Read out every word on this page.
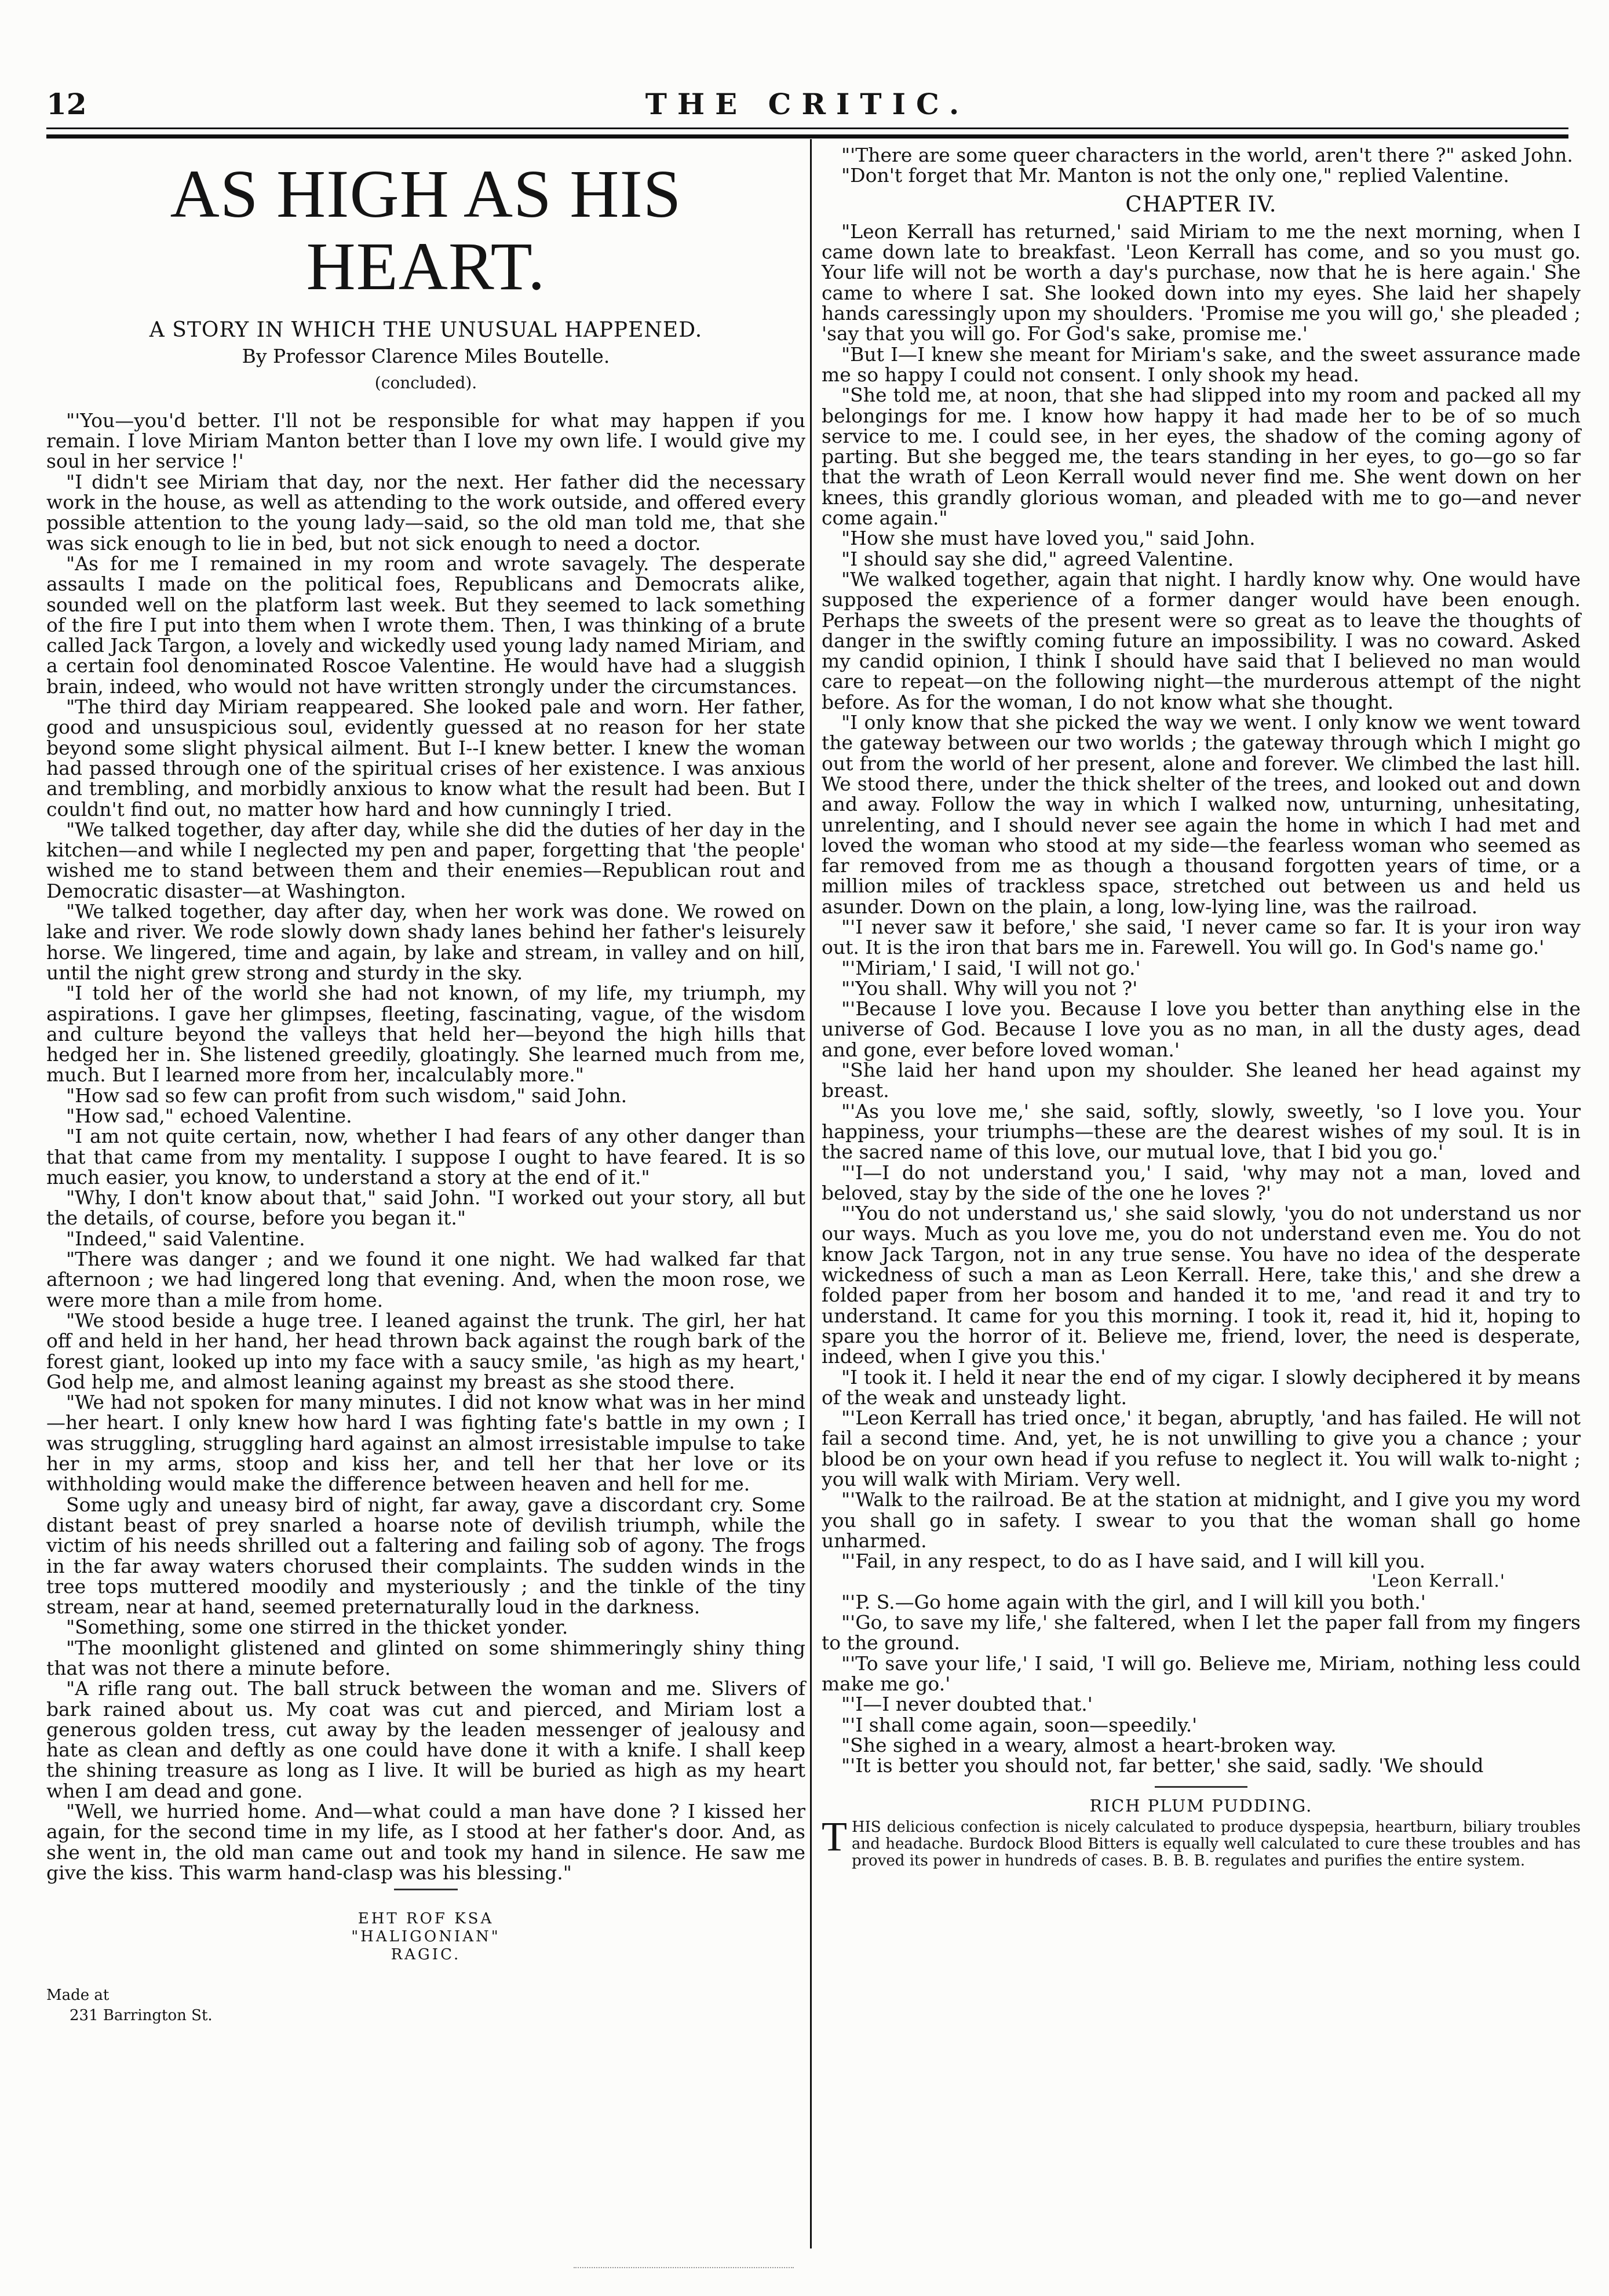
12	THE CRITIC.
AS HIGH AS HIS HEART.
A STORY IN WHICH THE UNUSUAL HAPPENED.
By Professor Clarence Miles Boutelle.
(concluded).

"'You—you'd better. I'll not be responsible for what may happen if you remain. I love Miriam Manton better than I love my own life. I would give my soul in her service !'

"I didn't see Miriam that day, nor the next. Her father did the necessary work in the house, as well as attending to the work outside, and offered every possible attention to the young lady—said, so the old man told me, that she was sick enough to lie in bed, but not sick enough to need a doctor.

"As for me I remained in my room and wrote savagely. The desperate assaults I made on the political foes, Republicans and Democrats alike, sounded well on the platform last week. But they seemed to lack something of the fire I put into them when I wrote them. Then, I was thinking of a brute called Jack Targon, a lovely and wickedly used young lady named Miriam, and a certain fool denominated Roscoe Valentine. He would have had a sluggish brain, indeed, who would not have written strongly under the circumstances.

"The third day Miriam reappeared. She looked pale and worn. Her father, good and unsuspicious soul, evidently guessed at no reason for her state beyond some slight physical ailment. But I--I knew better. I knew the woman had passed through one of the spiritual crises of her existence. I was anxious and trembling, and morbidly anxious to know what the result had been. But I couldn't find out, no matter how hard and how cunningly I tried.

"We talked together, day after day, while she did the duties of her day in the kitchen—and while I neglected my pen and paper, forgetting that 'the people' wished me to stand between them and their enemies—Republican rout and Democratic disaster—at Washington.

"We talked together, day after day, when her work was done. We rowed on lake and river. We rode slowly down shady lanes behind her father's leisurely horse. We lingered, time and again, by lake and stream, in valley and on hill, until the night grew strong and sturdy in the sky.

"I told her of the world she had not known, of my life, my triumph, my aspirations. I gave her glimpses, fleeting, fascinating, vague, of the wisdom and culture beyond the valleys that held her—beyond the high hills that hedged her in. She listened greedily, gloatingly. She learned much from me, much. But I learned more from her, incalculably more."

"How sad so few can profit from such wisdom," said John.

"How sad," echoed Valentine.

"I am not quite certain, now, whether I had fears of any other danger than that that came from my mentality. I suppose I ought to have feared. It is so much easier, you know, to understand a story at the end of it."

"Why, I don't know about that," said John. "I worked out your story, all but the details, of course, before you began it."

"Indeed," said Valentine.

"There was danger ; and we found it one night. We had walked far that afternoon ; we had lingered long that evening. And, when the moon rose, we were more than a mile from home.

"We stood beside a huge tree. I leaned against the trunk. The girl, her hat off and held in her hand, her head thrown back against the rough bark of the forest giant, looked up into my face with a saucy smile, 'as high as my heart,' God help me, and almost leaning against my breast as she stood there.

"We had not spoken for many minutes. I did not know what was in her mind—her heart. I only knew how hard I was fighting fate's battle in my own ; I was struggling, struggling hard against an almost irresistable impulse to take her in my arms, stoop and kiss her, and tell her that her love or its withholding would make the difference between heaven and hell for me.

Some ugly and uneasy bird of night, far away, gave a discordant cry. Some distant beast of prey snarled a hoarse note of devilish triumph, while the victim of his needs shrilled out a faltering and failing sob of agony. The frogs in the far away waters chorused their complaints. The sudden winds in the tree tops muttered moodily and mysteriously ; and the tinkle of the tiny stream, near at hand, seemed preternaturally loud in the darkness.

"Something, some one stirred in the thicket yonder.

"The moonlight glistened and glinted on some shimmeringly shiny thing that was not there a minute before.

"A rifle rang out. The ball struck between the woman and me. Slivers of bark rained about us. My coat was cut and pierced, and Miriam lost a generous golden tress, cut away by the leaden messenger of jealousy and hate as clean and deftly as one could have done it with a knife. I shall keep the shining treasure as long as I live. It will be buried as high as my heart when I am dead and gone.

"Well, we hurried home. And—what could a man have done ? I kissed her again, for the second time in my life, as I stood at her father's door. And, as she went in, the old man came out and took my hand in silence. He saw me give the kiss. This warm hand-clasp was his blessing."

EHT ROF KSA
"HALIGONIAN"
RAGIC.
Made at
231 Barrington St.

"'There are some queer characters in the world, aren't there ?" asked John.

"Don't forget that Mr. Manton is not the only one," replied Valentine.

CHAPTER IV.

"Leon Kerrall has returned,' said Miriam to me the next morning, when I came down late to breakfast. 'Leon Kerrall has come, and so you must go. Your life will not be worth a day's purchase, now that he is here again.' She came to where I sat. She looked down into my eyes. She laid her shapely hands caressingly upon my shoulders. 'Promise me you will go,' she pleaded ; 'say that you will go. For God's sake, promise me.'

"But I—I knew she meant for Miriam's sake, and the sweet assurance made me so happy I could not consent. I only shook my head.

"She told me, at noon, that she had slipped into my room and packed all my belongings for me. I know how happy it had made her to be of so much service to me. I could see, in her eyes, the shadow of the coming agony of parting. But she begged me, the tears standing in her eyes, to go—go so far that the wrath of Leon Kerrall would never find me. She went down on her knees, this grandly glorious woman, and pleaded with me to go—and never come again."

"How she must have loved you," said John.

"I should say she did," agreed Valentine.

"We walked together, again that night. I hardly know why. One would have supposed the experience of a former danger would have been enough. Perhaps the sweets of the present were so great as to leave the thoughts of danger in the swiftly coming future an impossibility. I was no coward. Asked my candid opinion, I think I should have said that I believed no man would care to repeat—on the following night—the murderous attempt of the night before. As for the woman, I do not know what she thought.

"I only know that she picked the way we went. I only know we went toward the gateway between our two worlds ; the gateway through which I might go out from the world of her present, alone and forever. We climbed the last hill. We stood there, under the thick shelter of the trees, and looked out and down and away. Follow the way in which I walked now, unturning, unhesitating, unrelenting, and I should never see again the home in which I had met and loved the woman who stood at my side—the fearless woman who seemed as far removed from me as though a thousand forgotten years of time, or a million miles of trackless space, stretched out between us and held us asunder. Down on the plain, a long, low-lying line, was the railroad.

"'I never saw it before,' she said, 'I never came so far. It is your iron way out. It is the iron that bars me in. Farewell. You will go. In God's name go.'

"'Miriam,' I said, 'I will not go.'

"'You shall. Why will you not ?'

"'Because I love you. Because I love you better than anything else in the universe of God. Because I love you as no man, in all the dusty ages, dead and gone, ever before loved woman.'

"She laid her hand upon my shoulder. She leaned her head against my breast.

"'As you love me,' she said, softly, slowly, sweetly, 'so I love you. Your happiness, your triumphs—these are the dearest wishes of my soul. It is in the sacred name of this love, our mutual love, that I bid you go.'

"'I—I do not understand you,' I said, 'why may not a man, loved and beloved, stay by the side of the one he loves ?'

"'You do not understand us,' she said slowly, 'you do not understand us nor our ways. Much as you love me, you do not understand even me. You do not know Jack Targon, not in any true sense. You have no idea of the desperate wickedness of such a man as Leon Kerrall. Here, take this,' and she drew a folded paper from her bosom and handed it to me, 'and read it and try to understand. It came for you this morning. I took it, read it, hid it, hoping to spare you the horror of it. Believe me, friend, lover, the need is desperate, indeed, when I give you this.'

"I took it. I held it near the end of my cigar. I slowly deciphered it by means of the weak and unsteady light.

"'Leon Kerrall has tried once,' it began, abruptly, 'and has failed. He will not fail a second time. And, yet, he is not unwilling to give you a chance ; your blood be on your own head if you refuse to neglect it. You will walk to-night ; you will walk with Miriam. Very well.

"'Walk to the railroad. Be at the station at midnight, and I give you my word you shall go in safety. I swear to you that the woman shall go home unharmed.

"'Fail, in any respect, to do as I have said, and I will kill you.

'Leon Kerrall.'

"'P. S.—Go home again with the girl, and I will kill you both.'

"'Go, to save my life,' she faltered, when I let the paper fall from my fingers to the ground.

"'To save your life,' I said, 'I will go. Believe me, Miriam, nothing less could make me go.'

"'I—I never doubted that.'

"'I shall come again, soon—speedily.'

"She sighed in a weary, almost a heart-broken way.

"'It is better you should not, far better,' she said, sadly. 'We should

RICH PLUM PUDDING.
THIS delicious confection is nicely calculated to produce dyspepsia, heartburn, biliary troubles and headache. Burdock Blood Bitters is equally well calculated to cure these troubles and has proved its power in hundreds of cases. B. B. B. regulates and purifies the entire system.
